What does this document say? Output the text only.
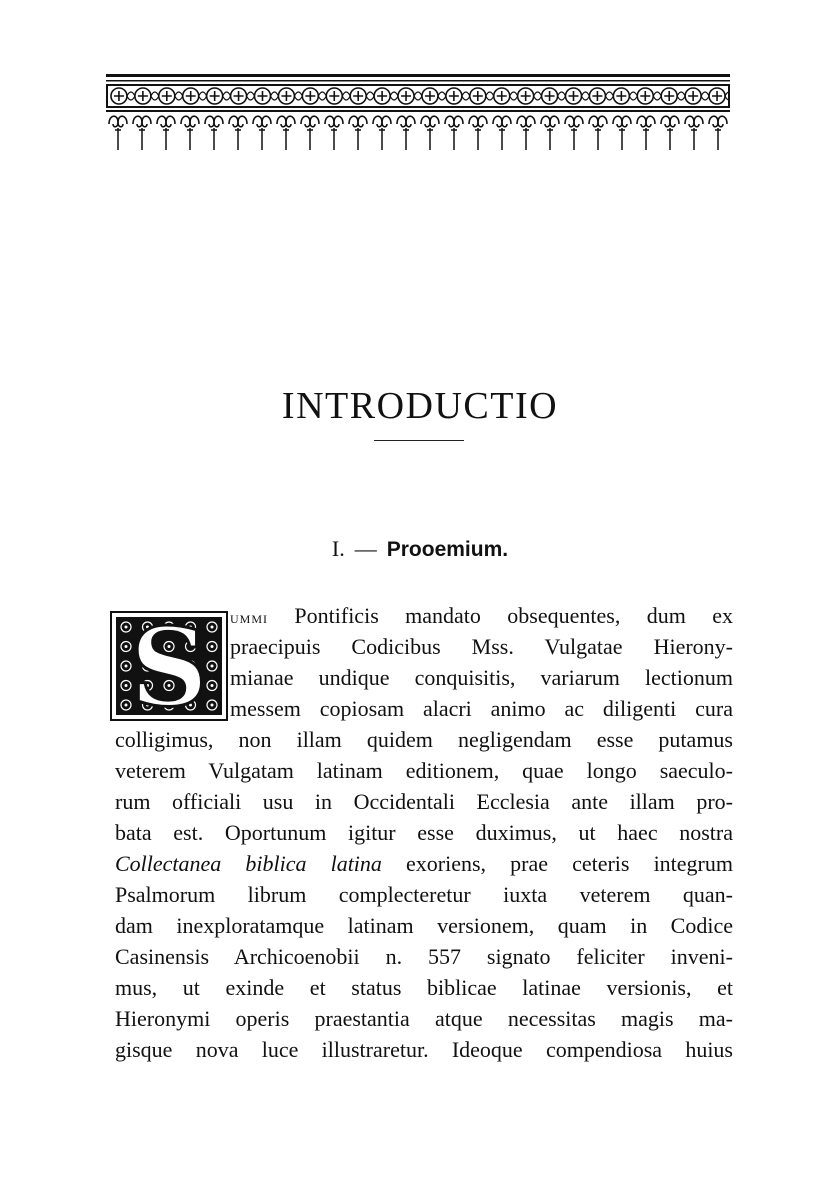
INTRODUCTIO
I. — Prooemium.
S ummi Pontificis mandato obsequentes, dum ex
praecipuis Codicibus Mss. Vulgatae Hierony-
mianae undique conquisitis, variarum lectionum
messem copiosam alacri animo ac diligenti cura
colligimus, non illam quidem negligendam esse putamus
veterem Vulgatam latinam editionem, quae longo saeculo-
rum officiali usu in Occidentali Ecclesia ante illam pro-
bata est. Oportunum igitur esse duximus, ut haec nostra
Collectanea biblica latina exoriens, prae ceteris integrum
Psalmorum librum complecteretur iuxta veterem quan-
dam inexploratamque latinam versionem, quam in Codice
Casinensis Archicoenobii n. 557 signato feliciter inveni-
mus, ut exinde et status biblicae latinae versionis, et
Hieronymi operis praestantia atque necessitas magis ma-
gisque nova luce illustraretur. Ideoque compendiosa huius
